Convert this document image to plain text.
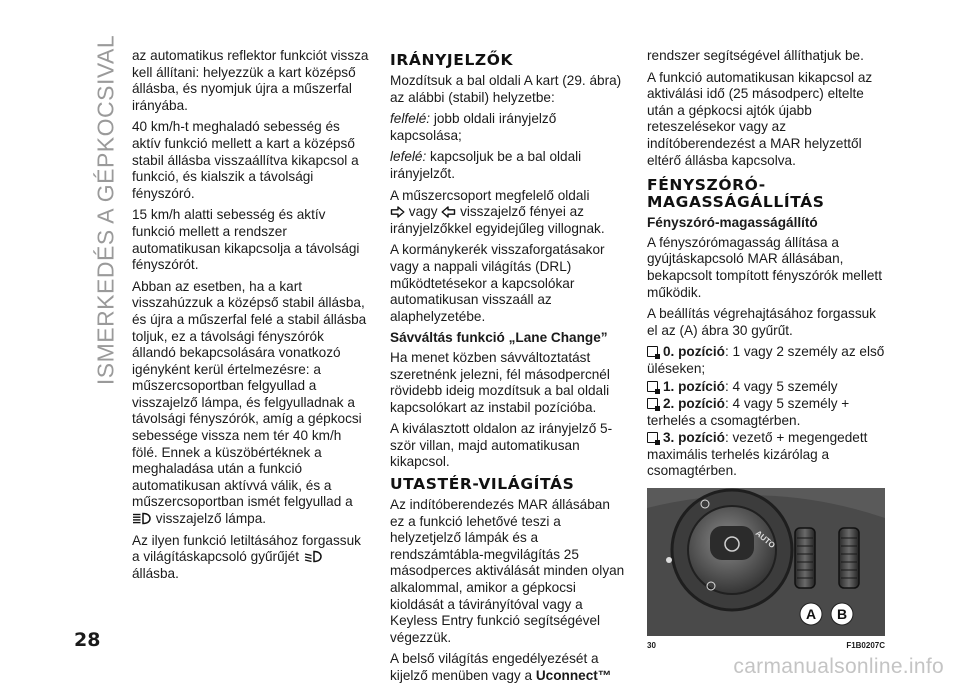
ISMERKEDÉS A GÉPKOCSIVAL
28

az automatikus reflektor funkciót vissza kell állítani: helyezzük a kart középső állásba, és nyomjuk újra a műszerfal irányába.

40 km/h-t meghaladó sebesség és aktív funkció mellett a kart a középső stabil állásba visszaállítva kikapcsol a funkció, és kialszik a távolsági fényszóró.

15 km/h alatti sebesség és aktív funkció mellett a rendszer automatikusan kikapcsolja a távolsági fényszórót.

Abban az esetben, ha a kart visszahúzzuk a középső stabil állásba, és újra a műszerfal felé a stabil állásba toljuk, ez a távolsági fényszórók állandó bekapcsolására vonatkozó igényként kerül értelmezésre: a műszercsoportban felgyullad a visszajelző lámpa, és felgyulladnak a távolsági fényszórók, amíg a gépkocsi sebessége vissza nem tér 40 km/h fölé. Ennek a küszöbértéknek a meghaladása után a funkció automatikusan aktívvá válik, és a műszercsoportban ismét felgyullad a
visszajelző lámpa.

Az ilyen funkció letiltásához forgassuk a világításkapcsoló gyűrűjét  állásba.

IRÁNYJELZŐK

Mozdítsuk a bal oldali A kart (29. ábra) az alábbi (stabil) helyzetbe:

felfelé: jobb oldali irányjelző kapcsolása;

lefelé: kapcsoljuk be a bal oldali irányjelzőt.

A műszercsoport megfelelő oldali
vagy visszajelző fényei az irányjelzőkkel egyidejűleg villognak.

A kormánykerék visszaforgatásakor vagy a nappali világítás (DRL) működtetésekor a kapcsolókar automatikusan visszaáll az alaphelyzetébe.

Sávváltás funkció „Lane Change”

Ha menet közben sávváltoztatást szeretnénk jelezni, fél másodpercnél rövidebb ideig mozdítsuk a bal oldali kapcsolókart az instabil pozícióba.

A kiválasztott oldalon az irányjelző 5-ször villan, majd automatikusan kikapcsol.

UTASTÉR-VILÁGÍTÁS

Az indítóberendezés MAR állásában ez a funkció lehetővé teszi a helyzetjelző lámpák és a rendszámtábla-megvilágítás 25 másodperces aktiválását minden olyan alkalommal, amikor a gépkocsi kioldását a távirányítóval vagy a Keyless Entry funkció segítségével végezzük.

A belső világítás engedélyezését a kijelző menüben vagy a Uconnect™

rendszer segítségével állíthatjuk be.

A funkció automatikusan kikapcsol az aktiválási idő (25 másodperc) eltelte után a gépkocsi ajtók újabb reteszelésekor vagy az indítóberendezést a MAR helyzettől eltérő állásba kapcsolva.

FÉNYSZÓRÓ-MAGASSÁGÁLLÍTÁS
Fényszóró-magasságállító

A fényszórómagasság állítása a gyújtáskapcsoló MAR állásában, bekapcsolt tompított fényszórók mellett működik.

A beállítás végrehajtásához forgassuk el az (A) ábra 30 gyűrűt.

0. pozíció: 1 vagy 2 személy az első üléseken;

1. pozíció: 4 vagy 5 személy

2. pozíció: 4 vagy 5 személy + terhelés a csomagtérben.

3. pozíció: vezető + megengedett maximális terhelés kizárólag a csomagtérben.

AUTO
A B
30	F1B0207C
carmanualsonline.info
